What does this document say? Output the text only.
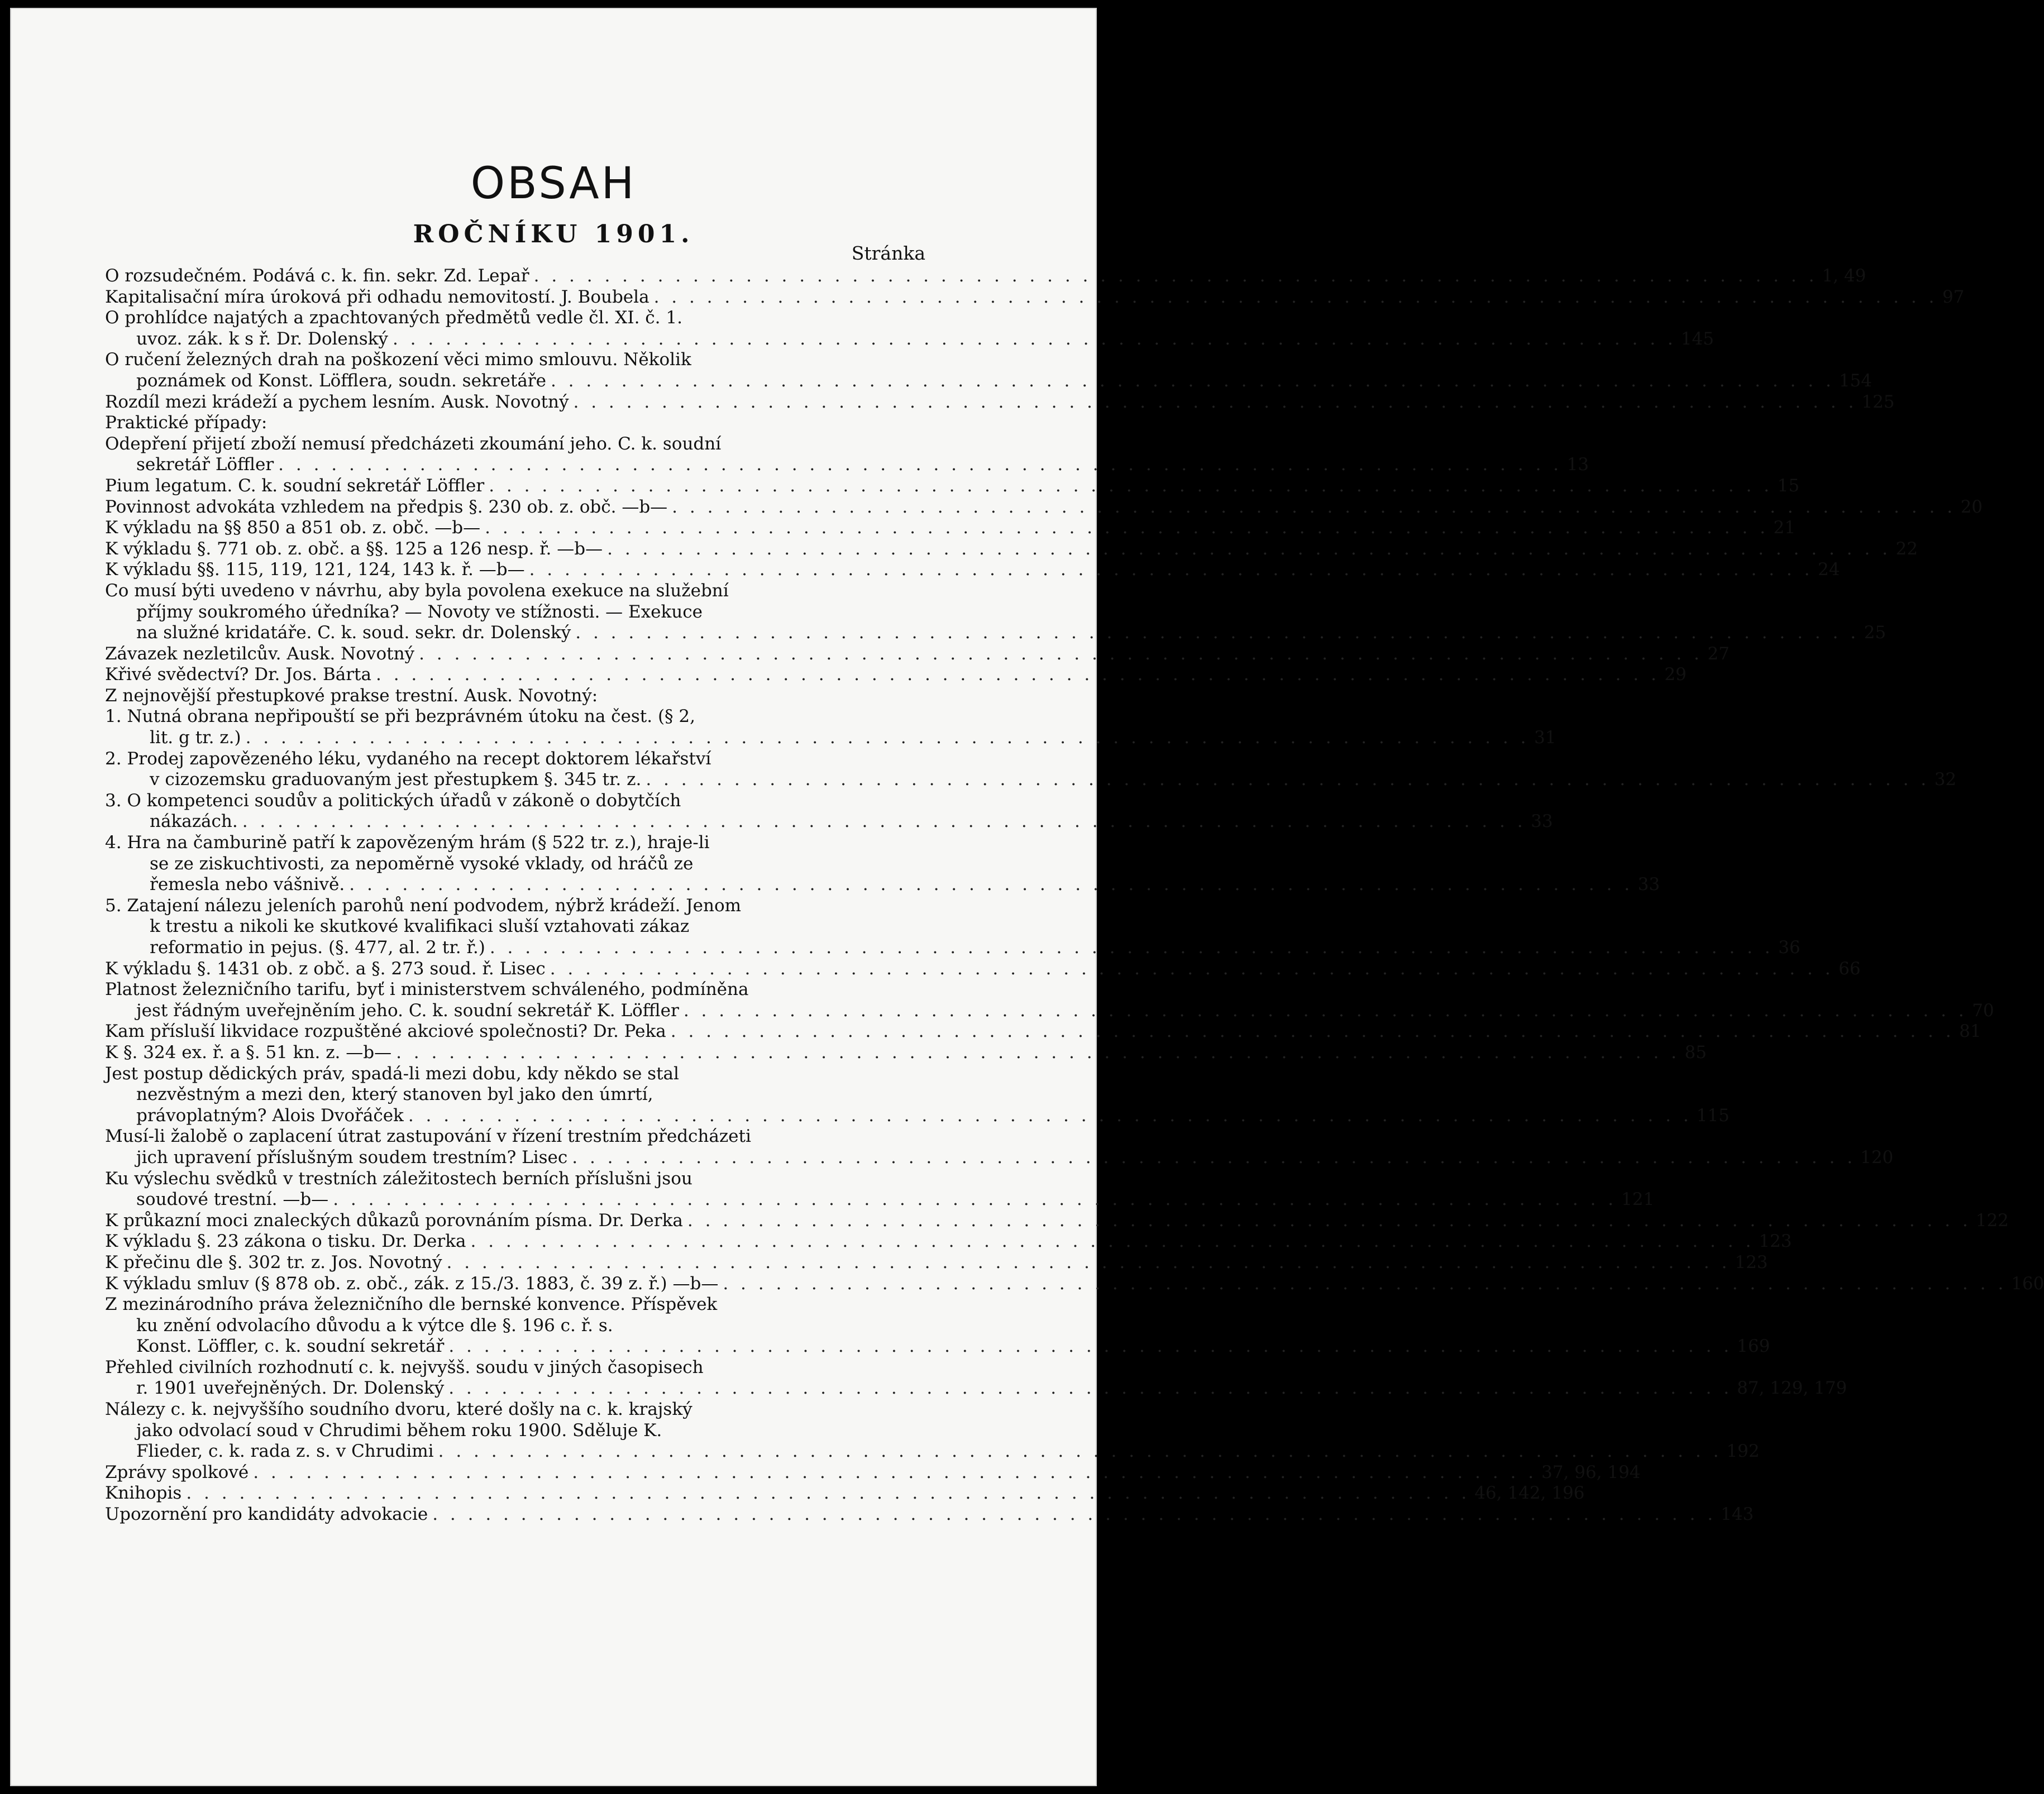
OBSAH
ROČNÍKU 1901.
Stránka
O rozsudečném. Podává c. k. fin. sekr. Zd. Lepař . . .	1, 49
Kapitalisační míra úroková při odhadu nemovitostí. J. Boubela . . .	97
O prohlídce najatých a zpachtovaných předmětů vedle čl. XI. č. 1.
uvoz. zák. k s ř. Dr. Dolenský . . .	145
O ručení železných drah na poškození věci mimo smlouvu. Několik
poznámek od Konst. Löfflera, soudn. sekretáře . . .	154
Rozdíl mezi krádeží a pychem lesním. Ausk. Novotný . . .	125
Praktické případy:
Odepření přijetí zboží nemusí předcházeti zkoumání jeho. C. k. soudní
sekretář Löffler . . .	13
Pium legatum. C. k. soudní sekretář Löffler . . .	15
Povinnost advokáta vzhledem na předpis §. 230 ob. z. obč. —b— . . .	20
K výkladu na §§ 850 a 851 ob. z. obč. —b— . . .	21
K výkladu §. 771 ob. z. obč. a §§. 125 a 126 nesp. ř. —b— . . .	22
K výkladu §§. 115, 119, 121, 124, 143 k. ř. —b— . . .	24
Co musí býti uvedeno v návrhu, aby byla povolena exekuce na služební
příjmy soukromého úředníka? — Novoty ve stížnosti. — Exekuce
na služné kridatáře. C. k. soud. sekr. dr. Dolenský . . .	25
Závazek nezletilcův. Ausk. Novotný . . .	27
Křivé svědectví? Dr. Jos. Bárta . . .	29
Z nejnovější přestupkové prakse trestní. Ausk. Novotný:
1. Nutná obrana nepřipouští se při bezprávném útoku na čest. (§ 2,
lit. g tr. z.) . . .	31
2. Prodej zapovězeného léku, vydaného na recept doktorem lékařství
v cizozemsku graduovaným jest přestupkem §. 345 tr. z. . . .	32
3. O kompetenci soudův a politických úřadů v zákoně o dobytčích
nákazách. . . .	33
4. Hra na čamburině patří k zapovězeným hrám (§ 522 tr. z.), hraje-li
se ze ziskuchtivosti, za nepoměrně vysoké vklady, od hráčů ze
řemesla nebo vášnivě. . . .	33
5. Zatajení nálezu jeleních parohů není podvodem, nýbrž krádeží. Jenom
k trestu a nikoli ke skutkové kvalifikaci sluší vztahovati zákaz
reformatio in pejus. (§. 477, al. 2 tr. ř.) . . .	36
K výkladu §. 1431 ob. z obč. a §. 273 soud. ř. Lisec . . .	66
Platnost železničního tarifu, byť i ministerstvem schváleného, podmíněna
jest řádným uveřejněním jeho. C. k. soudní sekretář K. Löffler . . .	70
Kam přísluší likvidace rozpuštěné akciové společnosti? Dr. Peka . . .	81
K §. 324 ex. ř. a §. 51 kn. z. —b— . . .	85
Jest postup dědických práv, spadá-li mezi dobu, kdy někdo se stal
nezvěstným a mezi den, který stanoven byl jako den úmrtí,
právoplatným? Alois Dvořáček . . .	115
Musí-li žalobě o zaplacení útrat zastupování v řízení trestním předcházeti
jich upravení příslušným soudem trestním? Lisec . . .	120
Ku výslechu svědků v trestních záležitostech berních příslušni jsou
soudové trestní. —b— . . .	121
K průkazní moci znaleckých důkazů porovnáním písma. Dr. Derka . . .	122
K výkladu §. 23 zákona o tisku. Dr. Derka . . .	123
K přečinu dle §. 302 tr. z. Jos. Novotný . . .	123
K výkladu smluv (§ 878 ob. z. obč., zák. z 15./3. 1883, č. 39 z. ř.) —b— . . .	160
Z mezinárodního práva železničního dle bernské konvence. Příspěvek
ku znění odvolacího důvodu a k výtce dle §. 196 c. ř. s.
Konst. Löffler, c. k. soudní sekretář . . .	169
Přehled civilních rozhodnutí c. k. nejvyšš. soudu v jiných časopisech
r. 1901 uveřejněných. Dr. Dolenský . . .	87, 129, 179
Nálezy c. k. nejvyššího soudního dvoru, které došly na c. k. krajský
jako odvolací soud v Chrudimi během roku 1900. Sděluje K.
Flieder, c. k. rada z. s. v Chrudimi . . .	192
Zprávy spolkové . . .	37, 96, 194
Knihopis . . .	46, 142, 196
Upozornění pro kandidáty advokacie . . .	143
